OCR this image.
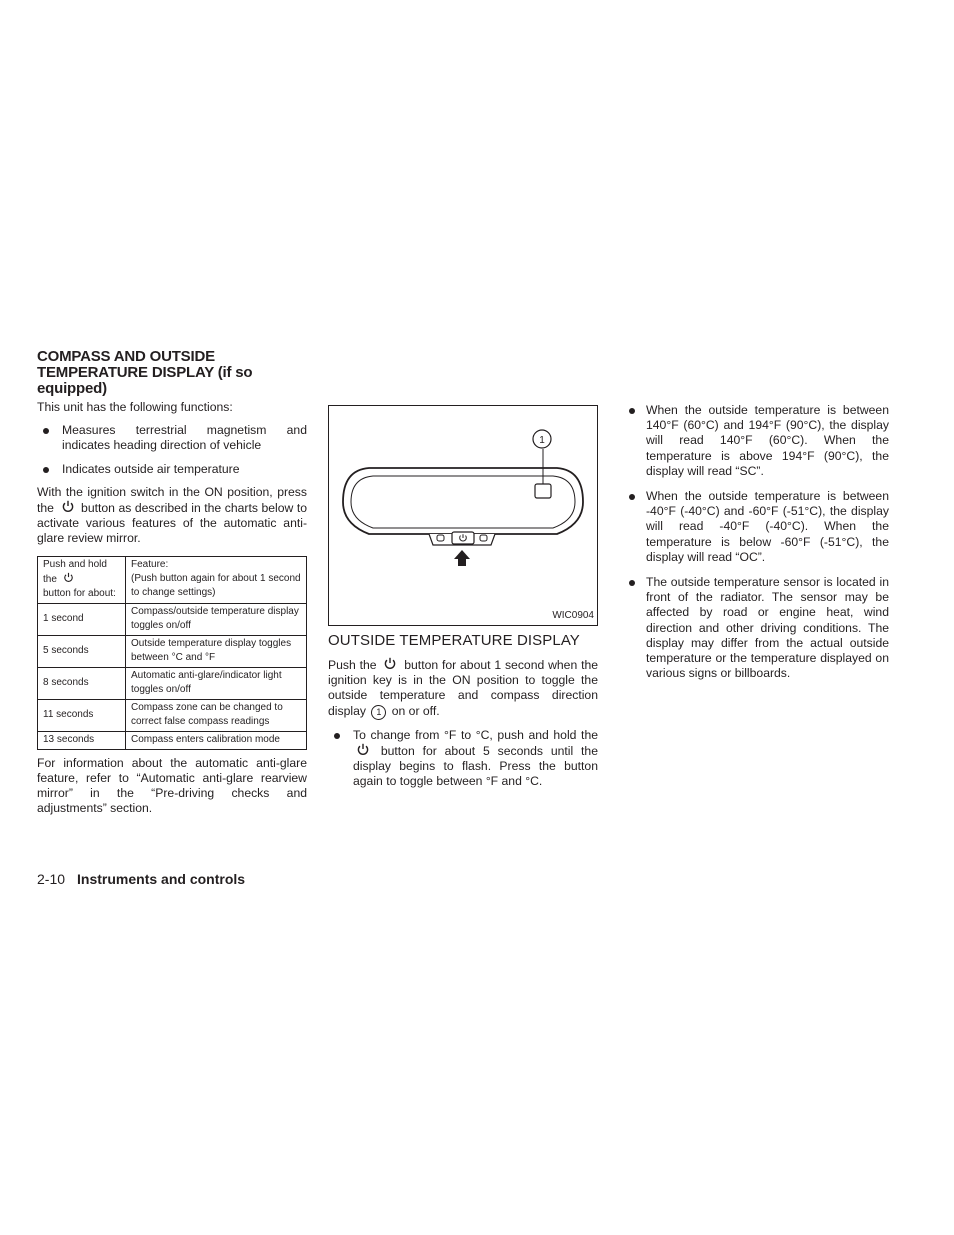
COMPASS AND OUTSIDE TEMPERATURE DISPLAY (if so equipped)

This unit has the following functions:

Measures terrestrial magnetism and indicates heading direction of vehicle
Indicates outside air temperature

With the ignition switch in the ON position, press the button as described in the charts below to activate various features of the automatic anti-glare review mirror.

Push and hold the
button for about:	Feature:
(Push button again for about 1 second to change settings)
1 second	Compass/outside temperature display toggles on/off
5 seconds	Outside temperature display toggles between °C and °F
8 seconds	Automatic anti-glare/indicator light toggles on/off
11 seconds	Compass zone can be changed to correct false compass readings
13 seconds	Compass enters calibration mode

For information about the automatic anti-glare feature, refer to “Automatic anti-glare rearview mirror” in the “Pre-driving checks and adjustments” section.

1
WIC0904
OUTSIDE TEMPERATURE DISPLAY

Push the button for about 1 second when the ignition key is in the ON position to toggle the outside temperature and compass direction display 1 on or off.

To change from °F to °C, push and hold the  button for about 5 seconds until the display begins to flash. Press the button again to toggle between °F and °C.
When the outside temperature is between 140°F (60°C) and 194°F (90°C), the display will read 140°F (60°C). When the temperature is above 194°F (90°C), the display will read “SC”.
When the outside temperature is between -40°F (-40°C) and -60°F (-51°C), the display will read -40°F (-40°C). When the temperature is below -60°F (-51°C), the display will read “OC”.
The outside temperature sensor is located in front of the radiator. The sensor may be affected by road or engine heat, wind direction and other driving conditions. The display may differ from the actual outside temperature or the temperature displayed on various signs or billboards.
2-10 Instruments and controls
